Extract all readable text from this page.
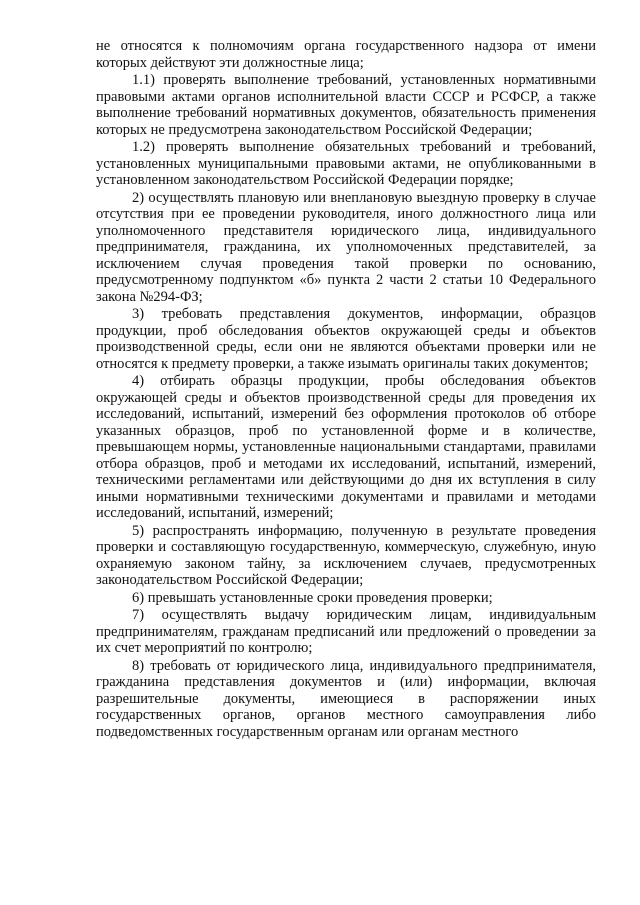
не относятся к полномочиям органа государственного надзора от имени которых действуют эти должностные лица;

1.1) проверять выполнение требований, установленных нормативными правовыми актами органов исполнительной власти СССР и РСФСР, а также выполнение требований нормативных документов, обязательность применения которых не предусмотрена законодательством Российской Федерации;

1.2) проверять выполнение обязательных требований и требований, установленных муниципальными правовыми актами, не опубликованными в установленном законодательством Российской Федерации порядке;

2) осуществлять плановую или внеплановую выездную проверку в случае отсутствия при ее проведении руководителя, иного должностного лица или уполномоченного представителя юридического лица, индивидуального предпринимателя, гражданина, их уполномоченных представителей, за исключением случая проведения такой проверки по основанию, предусмотренному подпунктом «б» пункта 2 части 2 статьи 10 Федерального закона №294-ФЗ;

3) требовать представления документов, информации, образцов продукции, проб обследования объектов окружающей среды и объектов производственной среды, если они не являются объектами проверки или не относятся к предмету проверки, а также изымать оригиналы таких документов;

4) отбирать образцы продукции, пробы обследования объектов окружающей среды и объектов производственной среды для проведения их исследований, испытаний, измерений без оформления протоколов об отборе указанных образцов, проб по установленной форме и в количестве, превышающем нормы, установленные национальными стандартами, правилами отбора образцов, проб и методами их исследований, испытаний, измерений, техническими регламентами или действующими до дня их вступления в силу иными нормативными техническими документами и правилами и методами исследований, испытаний, измерений;

5) распространять информацию, полученную в результате проведения проверки и составляющую государственную, коммерческую, служебную, иную охраняемую законом тайну, за исключением случаев, предусмотренных законодательством Российской Федерации;

6) превышать установленные сроки проведения проверки;

7) осуществлять выдачу юридическим лицам, индивидуальным предпринимателям, гражданам предписаний или предложений о проведении за их счет мероприятий по контролю;

8) требовать от юридического лица, индивидуального предпринимателя, гражданина представления документов и (или) информации, включая разрешительные документы, имеющиеся в распоряжении иных государственных органов, органов местного самоуправления либо подведомственных государственным органам или органам местного
